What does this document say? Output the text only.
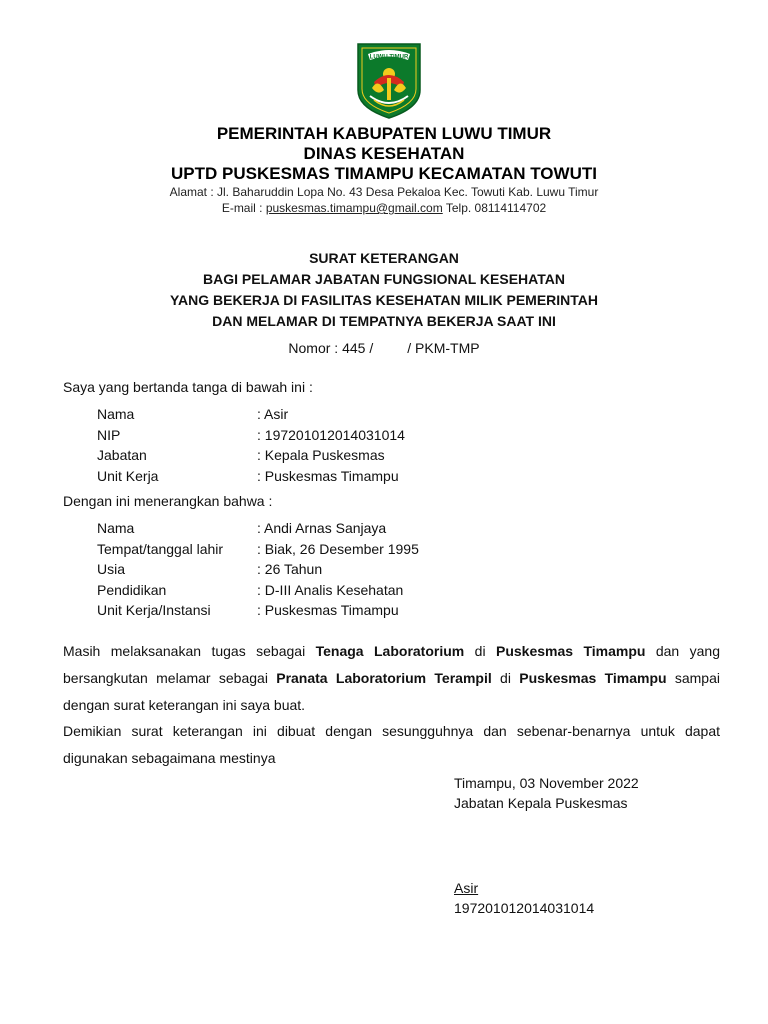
LUWU TIMUR
PEMERINTAH KABUPATEN LUWU TIMUR
DINAS KESEHATAN
UPTD PUSKESMAS TIMAMPU KECAMATAN TOWUTI
Alamat : Jl. Baharuddin Lopa No. 43 Desa Pekaloa Kec. Towuti Kab. Luwu Timur
E-mail : puskesmas.timampu@gmail.com Telp. 08114114702
SURAT KETERANGAN
BAGI PELAMAR JABATAN FUNGSIONAL KESEHATAN
YANG BEKERJA DI FASILITAS KESEHATAN MILIK PEMERINTAH
DAN MELAMAR DI TEMPATNYA BEKERJA SAAT INI
Nomor : 445 / / PKM-TMP
Saya yang bertanda tanga di bawah ini :
Nama	: Asir
NIP	: 197201012014031014
Jabatan	: Kepala Puskesmas
Unit Kerja	: Puskesmas Timampu
Dengan ini menerangkan bahwa :
Nama	: Andi Arnas Sanjaya
Tempat/tanggal lahir	: Biak, 26 Desember 1995
Usia	: 26 Tahun
Pendidikan	: D-III Analis Kesehatan
Unit Kerja/Instansi	: Puskesmas Timampu
Masih melaksanakan tugas sebagai Tenaga Laboratorium di Puskesmas Timampu dan yang bersangkutan melamar sebagai Pranata Laboratorium Terampil di Puskesmas Timampu sampai dengan surat keterangan ini saya buat.
Demikian surat keterangan ini dibuat dengan sesungguhnya dan sebenar-benarnya untuk dapat digunakan sebagaimana mestinya
Timampu, 03 November 2022
Jabatan Kepala Puskesmas
Asir
197201012014031014
